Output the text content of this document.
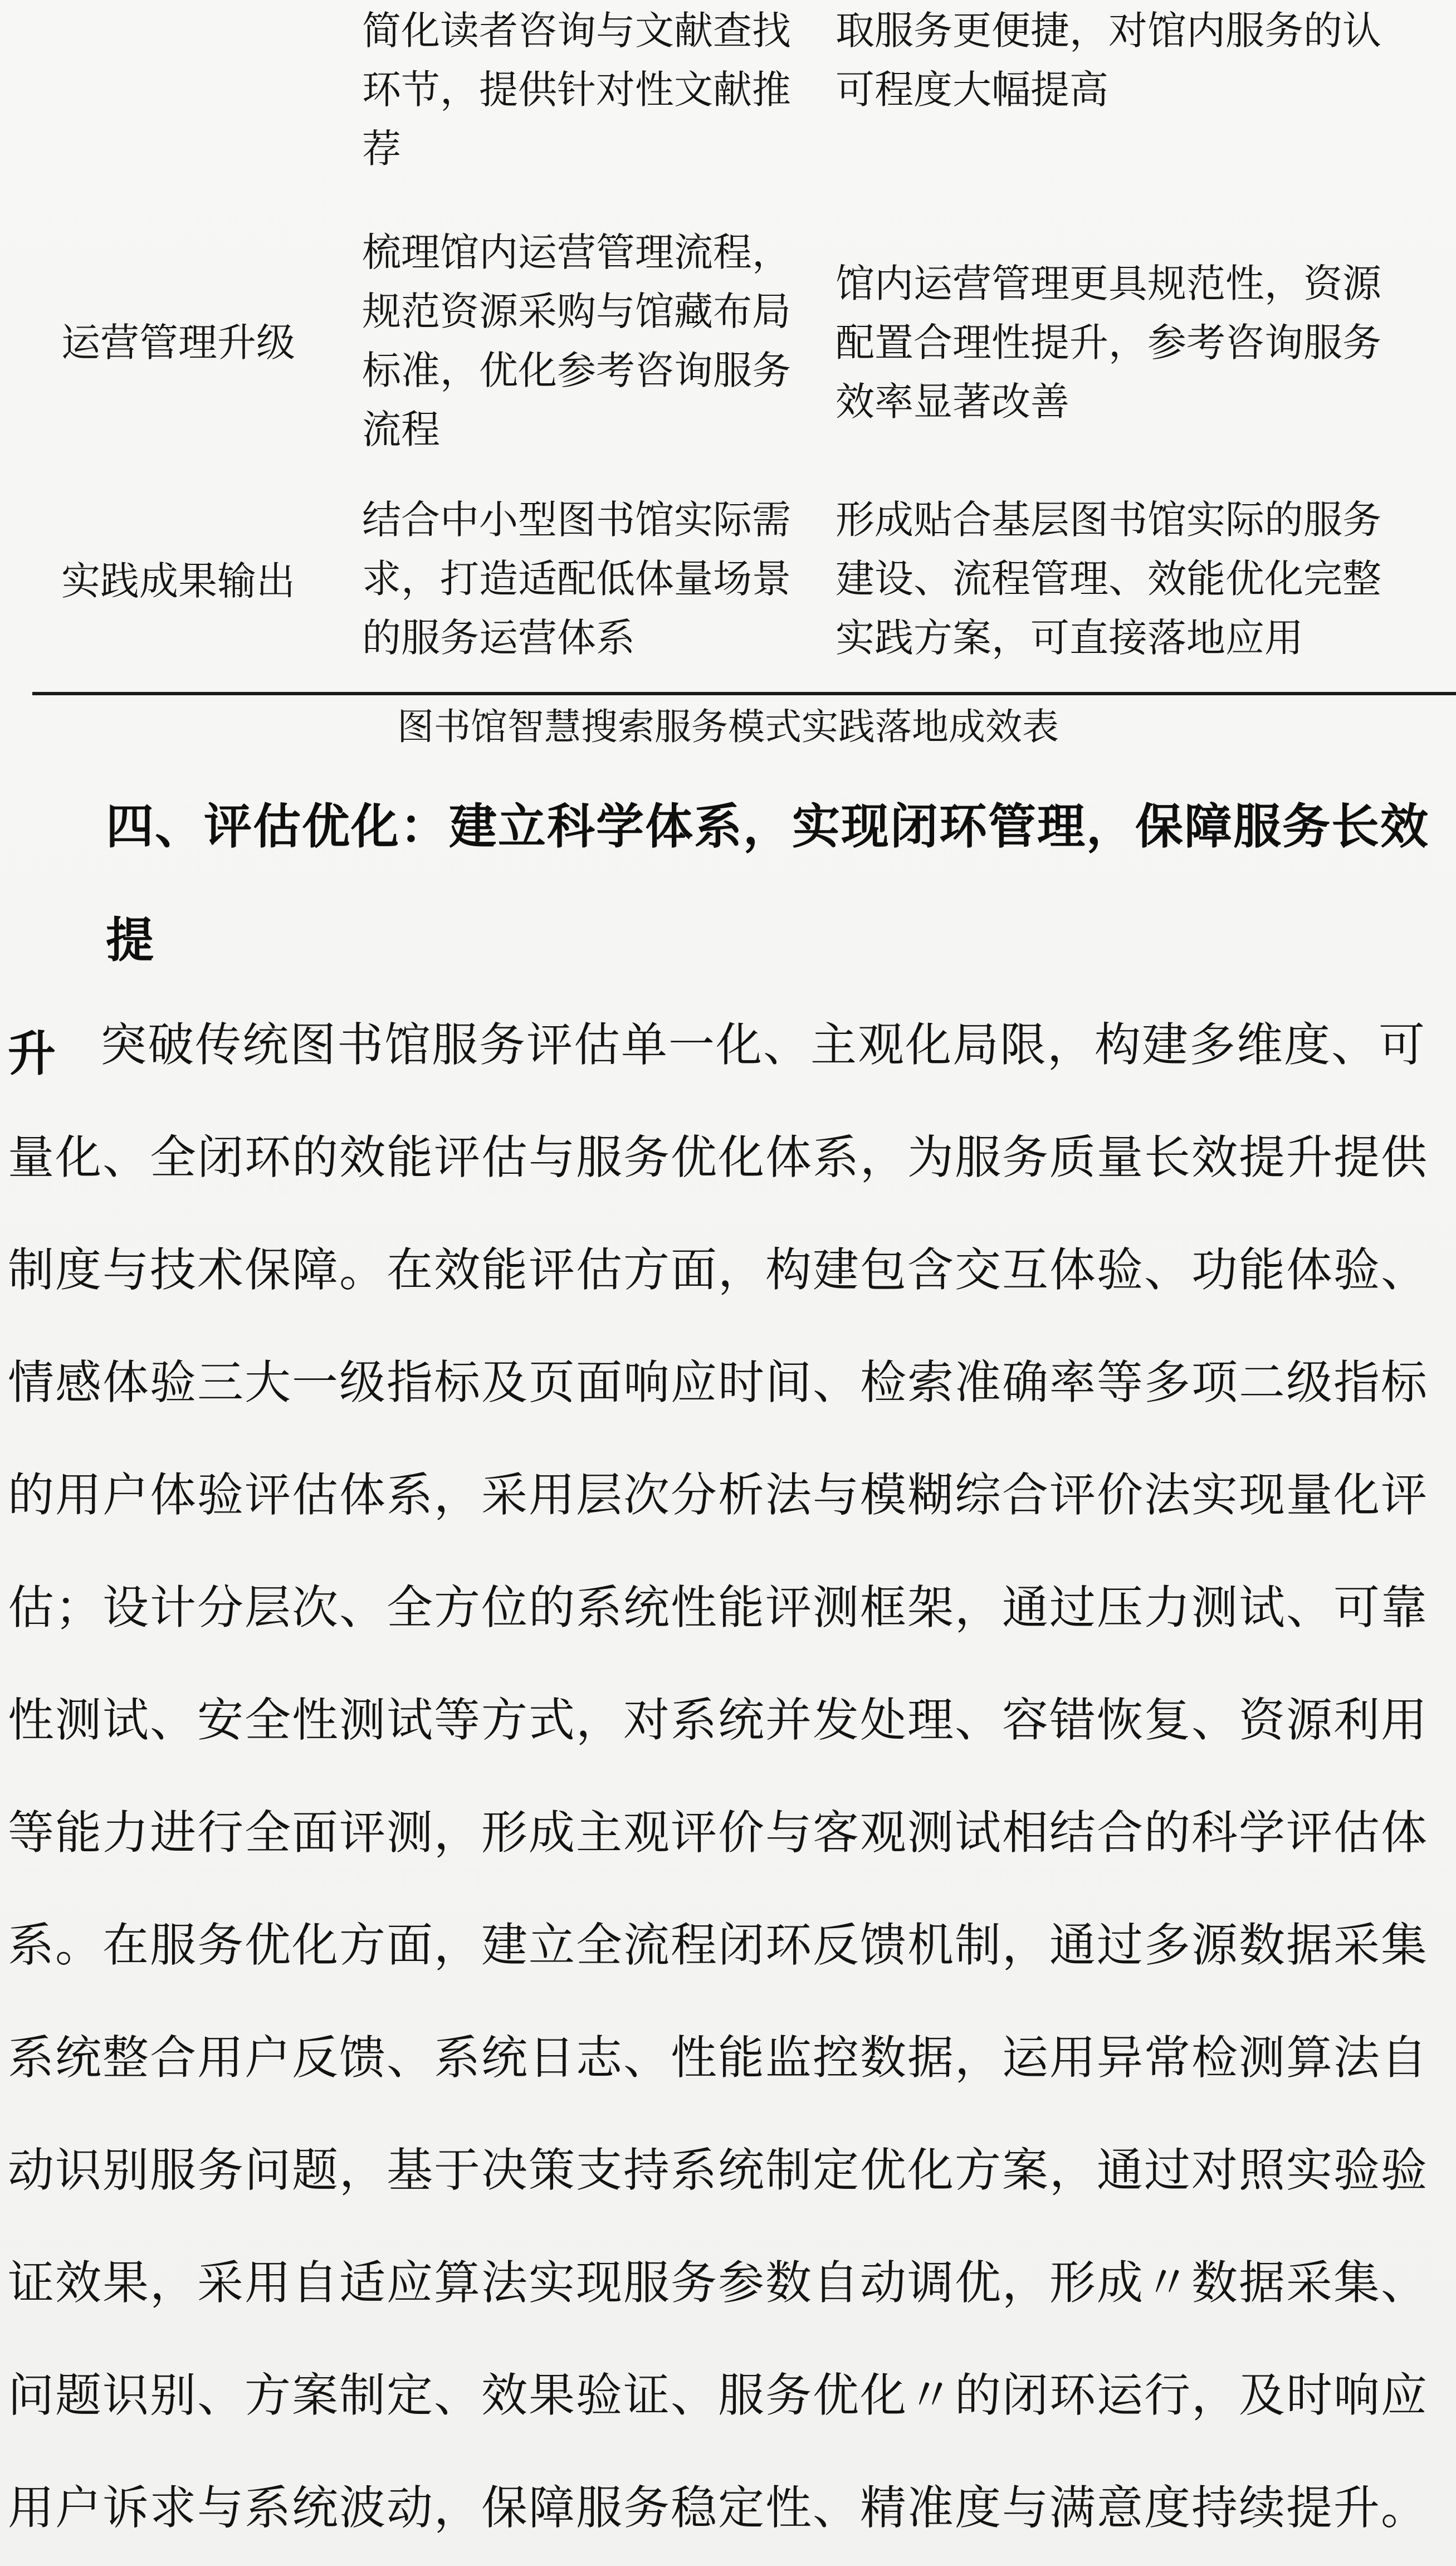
简化读者咨询与文献查找
环节，提供针对性文献推
荐
取服务更便捷，对馆内服务的认
可程度大幅提高
运营管理升级
梳理馆内运营管理流程，
规范资源采购与馆藏布局
标准，优化参考咨询服务
流程
馆内运营管理更具规范性，资源
配置合理性提升，参考咨询服务
效率显著改善
实践成果输出
结合中小型图书馆实际需
求，打造适配低体量场景
的服务运营体系
形成贴合基层图书馆实际的服务
建设、流程管理、效能优化完整
实践方案，可直接落地应用
图书馆智慧搜索服务模式实践落地成效表
四、评估优化：建立科学体系，实现闭环管理，保障服务长效提
升 突破传统图书馆服务评估单一化、主观化局限，构建多维度、可
量化、全闭环的效能评估与服务优化体系，为服务质量长效提升提供
制度与技术保障。在效能评估方面，构建包含交互体验、功能体验、
情感体验三大一级指标及页面响应时间、检索准确率等多项二级指标
的用户体验评估体系，采用层次分析法与模糊综合评价法实现量化评
估；设计分层次、全方位的系统性能评测框架，通过压力测试、可靠
性测试、安全性测试等方式，对系统并发处理、容错恢复、资源利用
等能力进行全面评测，形成主观评价与客观测试相结合的科学评估体
系。在服务优化方面，建立全流程闭环反馈机制，通过多源数据采集
系统整合用户反馈、系统日志、性能监控数据，运用异常检测算法自
动识别服务问题，基于决策支持系统制定优化方案，通过对照实验验
证效果，采用自适应算法实现服务参数自动调优，形成〃数据采集、
问题识别、方案制定、效果验证、服务优化〃的闭环运行，及时响应
用户诉求与系统波动，保障服务稳定性、精准度与满意度持续提升。
